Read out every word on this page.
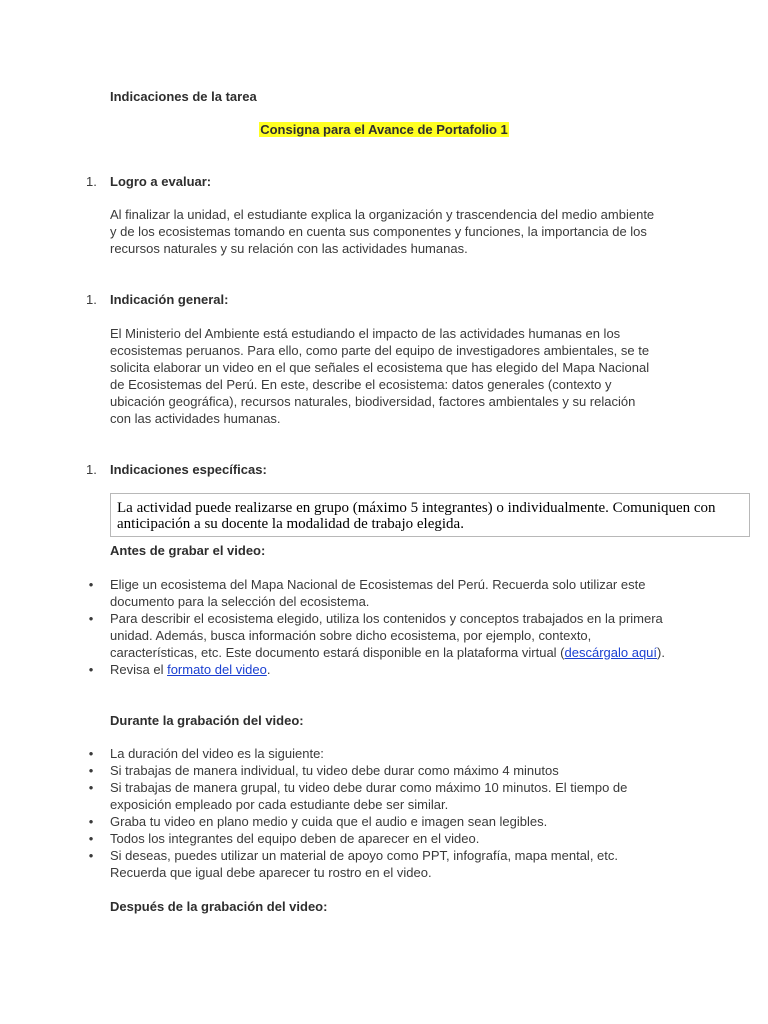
Indicaciones de la tarea
Consigna para el Avance de Portafolio 1
1.	Logro a evaluar:
Al finalizar la unidad, el estudiante explica la organización y trascendencia del medio ambiente y de los ecosistemas tomando en cuenta sus componentes y funciones, la importancia de los recursos naturales y su relación con las actividades humanas.
1.	Indicación general:
El Ministerio del Ambiente está estudiando el impacto de las actividades humanas en los ecosistemas peruanos. Para ello, como parte del equipo de investigadores ambientales, se te solicita elaborar un video en el que señales el ecosistema que has elegido del Mapa Nacional de Ecosistemas del Perú. En este, describe el ecosistema: datos generales (contexto y ubicación geográfica), recursos naturales, biodiversidad, factores ambientales y su relación con las actividades humanas.
1.	Indicaciones específicas:
La actividad puede realizarse en grupo (máximo 5 integrantes) o individualmente. Comuniquen con anticipación a su docente la modalidad de trabajo elegida.
Antes de grabar el video:
• Elige un ecosistema del Mapa Nacional de Ecosistemas del Perú. Recuerda solo utilizar este documento para la selección del ecosistema.
• Para describir el ecosistema elegido, utiliza los contenidos y conceptos trabajados en la primera unidad. Además, busca información sobre dicho ecosistema, por ejemplo, contexto, características, etc. Este documento estará disponible en la plataforma virtual (descárgalo aquí).
• Revisa el formato del video.
Durante la grabación del video:
• La duración del video es la siguiente:
• Si trabajas de manera individual, tu video debe durar como máximo 4 minutos
• Si trabajas de manera grupal, tu video debe durar como máximo 10 minutos. El tiempo de exposición empleado por cada estudiante debe ser similar.
• Graba tu video en plano medio y cuida que el audio e imagen sean legibles.
• Todos los integrantes del equipo deben de aparecer en el video.
• Si deseas, puedes utilizar un material de apoyo como PPT, infografía, mapa mental, etc. Recuerda que igual debe aparecer tu rostro en el video.
Después de la grabación del video:
